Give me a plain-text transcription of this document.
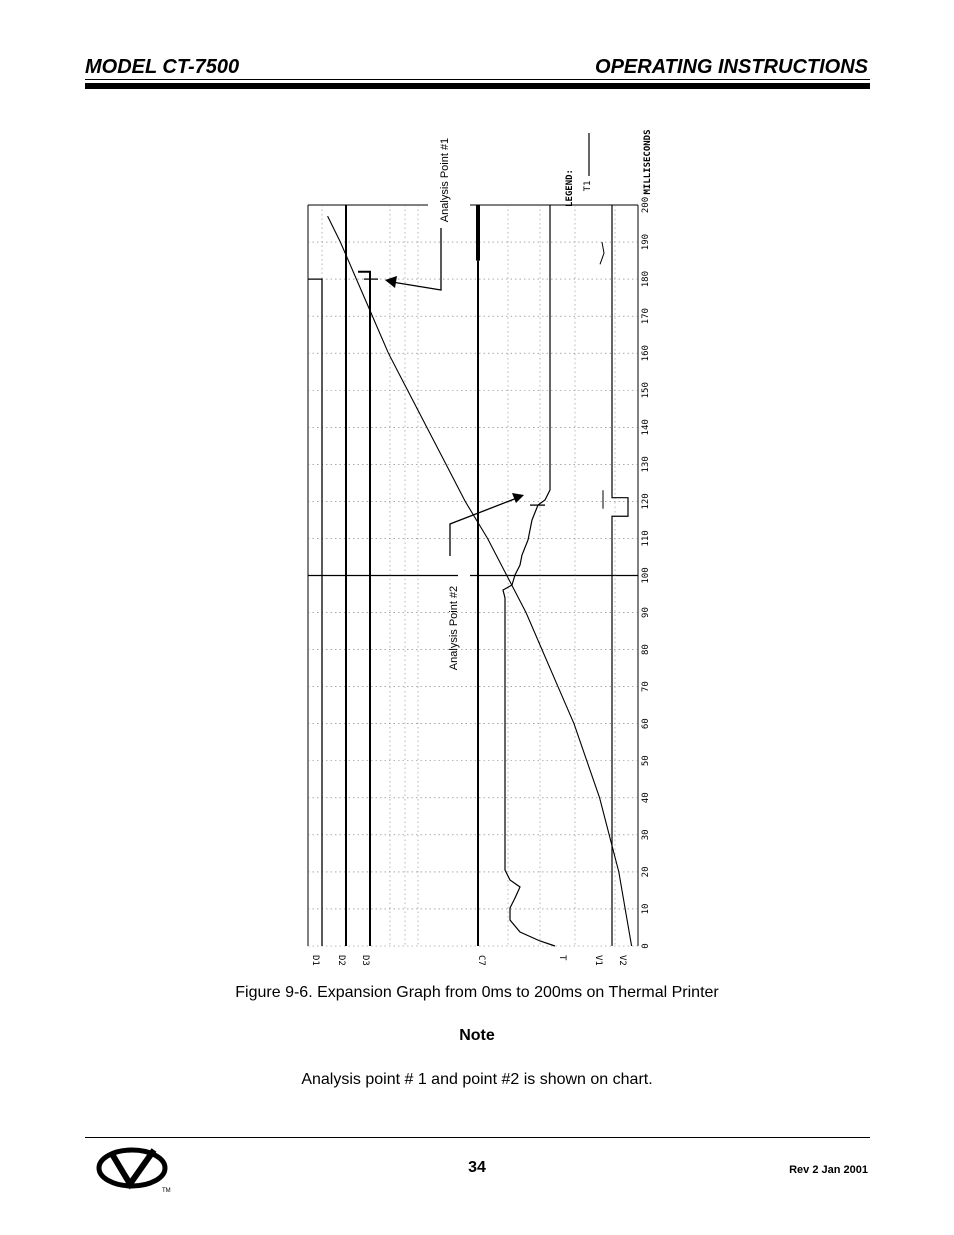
MODEL CT-7500	OPERATING INSTRUCTIONS
0
10
20
30
40
50
60
70
80
90
100
110
120
130
140
150
160
170
180
190
200
MILLISECONDS
D1 D2 D3	C7	T	V1 V2
LEGEND: T1
Analysis Point #1
Analysis Point #2
Figure 9-6. Expansion Graph from 0ms to 200ms on Thermal Printer
Note
Analysis point # 1 and point #2 is shown on chart.
TM
34	Rev 2 Jan 2001
